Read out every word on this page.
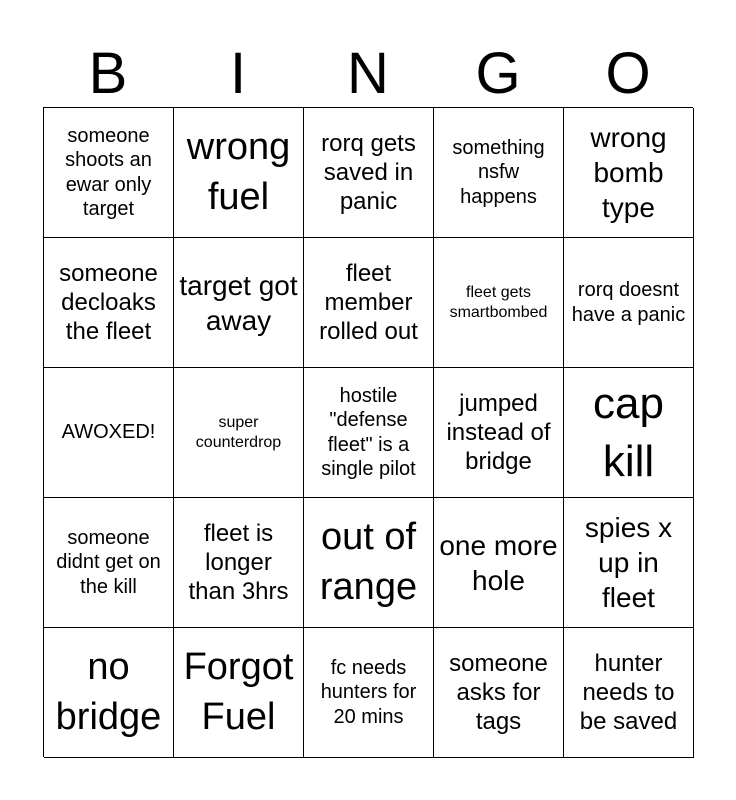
B	I	N	G	O
someone shoots an ewar only target
wrong fuel
rorq gets saved in panic
something nsfw happens
wrong bomb type
someone decloaks the fleet
target got away
fleet member rolled out
fleet gets smartbombed
rorq doesnt have a panic
AWOXED!	super counterdrop
hostile "defense fleet" is a single pilot
jumped instead of bridge
cap kill
someone didnt get on the kill
fleet is longer than 3hrs
out of range
one more hole
spies x up in fleet
no bridge
Forgot Fuel
fc needs hunters for 20 mins
someone asks for tags
hunter needs to be saved
